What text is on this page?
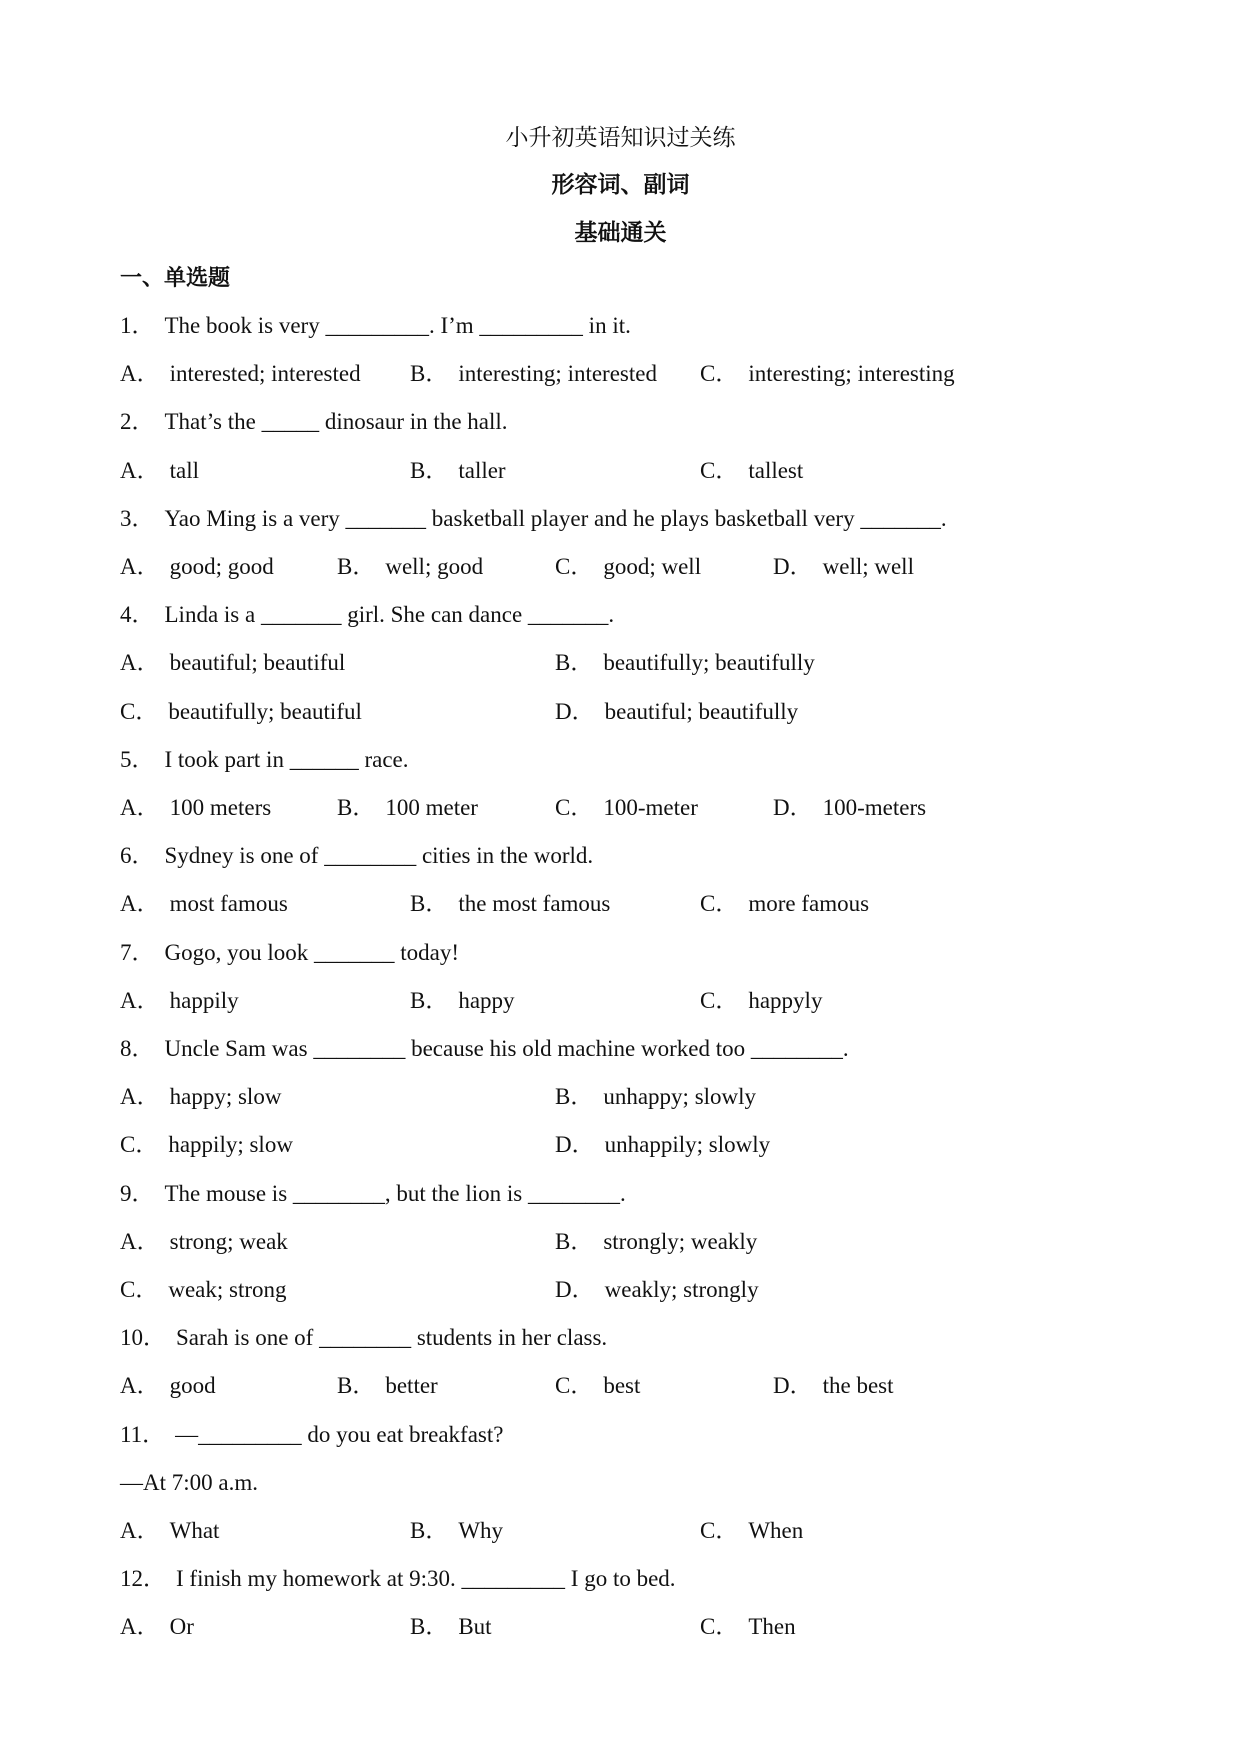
小升初英语知识过关练
形容词、副词
基础通关
一、单选题
1． The book is very _________. I’m _________ in it.
A． interested; interested B． interesting; interested C． interesting; interesting
2． That’s the _____ dinosaur in the hall.
A． tall	B． taller	C． tallest
3． Yao Ming is a very _______ basketball player and he plays basketball very _______.
A． good; good	B． well; good	C． good; well	D． well; well
4． Linda is a _______ girl. She can dance _______.
A． beautiful; beautiful	B． beautifully; beautifully
C． beautifully; beautiful	D． beautiful; beautifully
5． I took part in ______ race.
A． 100 meters	B． 100 meter	C． 100-meter	D． 100-meters
6． Sydney is one of ________ cities in the world.
A． most famous	B． the most famous	C． more famous
7． Gogo, you look _______ today!
A． happily	B． happy	C． happyly
8． Uncle Sam was ________ because his old machine worked too ________.
A． happy; slow	B． unhappy; slowly
C． happily; slow	D． unhappily; slowly
9． The mouse is ________, but the lion is ________.
A． strong; weak	B． strongly; weakly
C． weak; strong	D． weakly; strongly
10． Sarah is one of ________ students in her class.
A． good	B． better	C． best	D． the best
11． —_________ do you eat breakfast?
—At 7:00 a.m.
A． What	B． Why	C． When
12． I finish my homework at 9:30. _________ I go to bed.
A． Or	B． But	C． Then
